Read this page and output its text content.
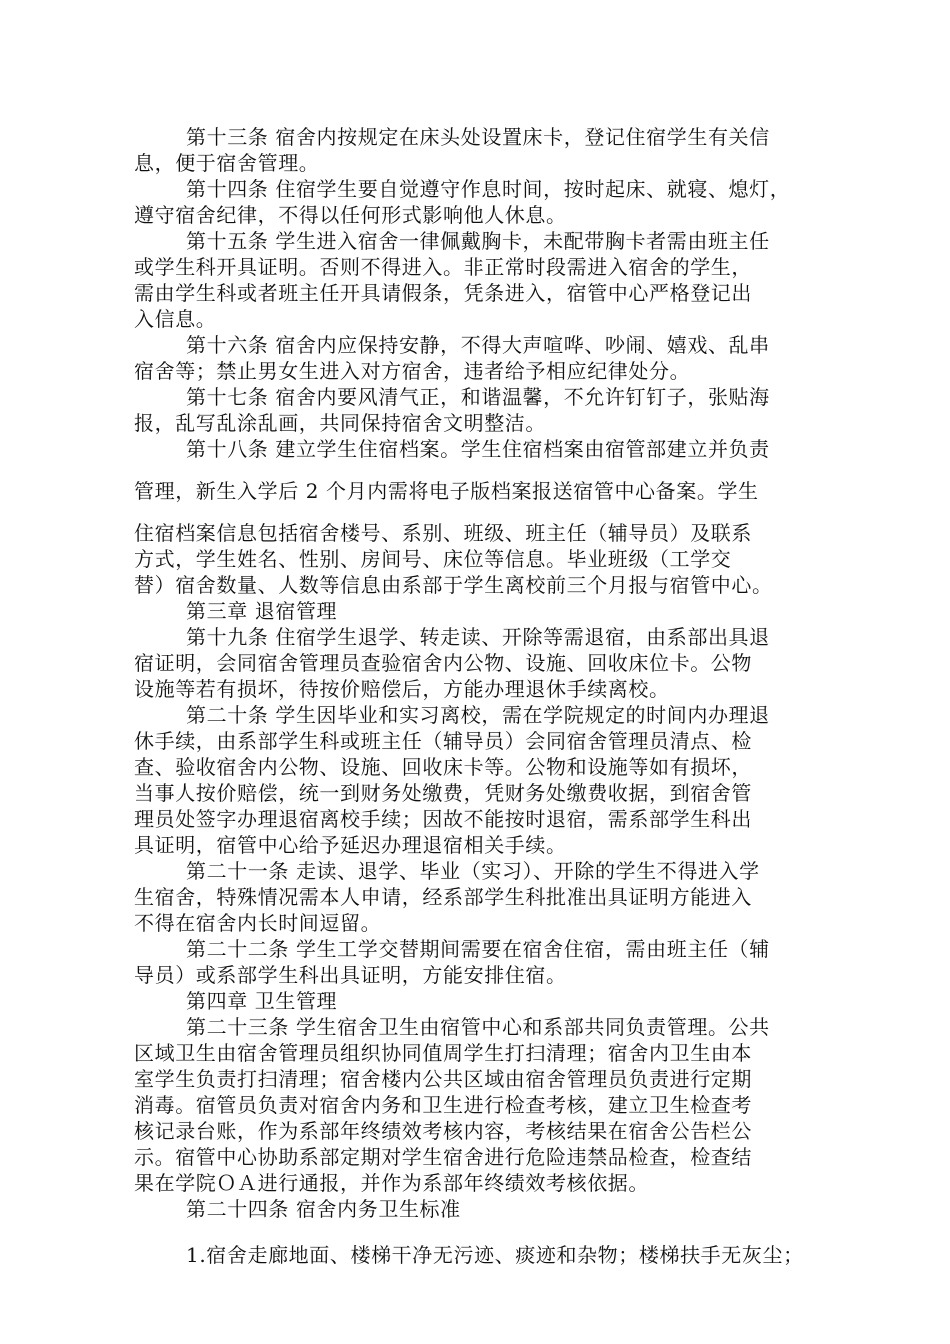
第十三条 宿舍内按规定在床头处设置床卡，登记住宿学生有关信
息，便于宿舍管理。
第十四条 住宿学生要自觉遵守作息时间，按时起床、就寝、熄灯，
遵守宿舍纪律，不得以任何形式影响他人休息。
第十五条 学生进入宿舍一律佩戴胸卡，未配带胸卡者需由班主任
或学生科开具证明。否则不得进入。非正常时段需进入宿舍的学生，
需由学生科或者班主任开具请假条，凭条进入，宿管中心严格登记出
入信息。
第十六条 宿舍内应保持安静，不得大声喧哗、吵闹、嬉戏、乱串
宿舍等；禁止男女生进入对方宿舍，违者给予相应纪律处分。
第十七条 宿舍内要风清气正，和谐温馨，不允许钉钉子，张贴海
报，乱写乱涂乱画，共同保持宿舍文明整洁。
第十八条 建立学生住宿档案。学生住宿档案由宿管部建立并负责
管理，新生入学后 2 个月内需将电子版档案报送宿管中心备案。学生
住宿档案信息包括宿舍楼号、系别、班级、班主任（辅导员）及联系
方式，学生姓名、性别、房间号、床位等信息。毕业班级（工学交
替）宿舍数量、人数等信息由系部于学生离校前三个月报与宿管中心。
第三章 退宿管理
第十九条 住宿学生退学、转走读、开除等需退宿，由系部出具退
宿证明，会同宿舍管理员查验宿舍内公物、设施、回收床位卡。公物
设施等若有损坏，待按价赔偿后，方能办理退休手续离校。
第二十条 学生因毕业和实习离校，需在学院规定的时间内办理退
休手续，由系部学生科或班主任（辅导员）会同宿舍管理员清点、检
查、验收宿舍内公物、设施、回收床卡等。公物和设施等如有损坏，
当事人按价赔偿，统一到财务处缴费，凭财务处缴费收据，到宿舍管
理员处签字办理退宿离校手续；因故不能按时退宿，需系部学生科出
具证明，宿管中心给予延迟办理退宿相关手续。
第二十一条 走读、退学、毕业（实习）、开除的学生不得进入学
生宿舍，特殊情况需本人申请，经系部学生科批准出具证明方能进入
不得在宿舍内长时间逗留。
第二十二条 学生工学交替期间需要在宿舍住宿，需由班主任（辅
导员）或系部学生科出具证明，方能安排住宿。
第四章 卫生管理
第二十三条 学生宿舍卫生由宿管中心和系部共同负责管理。公共
区域卫生由宿舍管理员组织协同值周学生打扫清理；宿舍内卫生由本
室学生负责打扫清理；宿舍楼内公共区域由宿舍管理员负责进行定期
消毒。宿管员负责对宿舍内务和卫生进行检查考核，建立卫生检查考
核记录台账，作为系部年终绩效考核内容，考核结果在宿舍公告栏公
示。宿管中心协助系部定期对学生宿舍进行危险违禁品检查，检查结
果在学院ＯＡ进行通报，并作为系部年终绩效考核依据。
第二十四条 宿舍内务卫生标准
1.宿舍走廊地面、楼梯干净无污迹、痰迹和杂物；楼梯扶手无灰尘；
